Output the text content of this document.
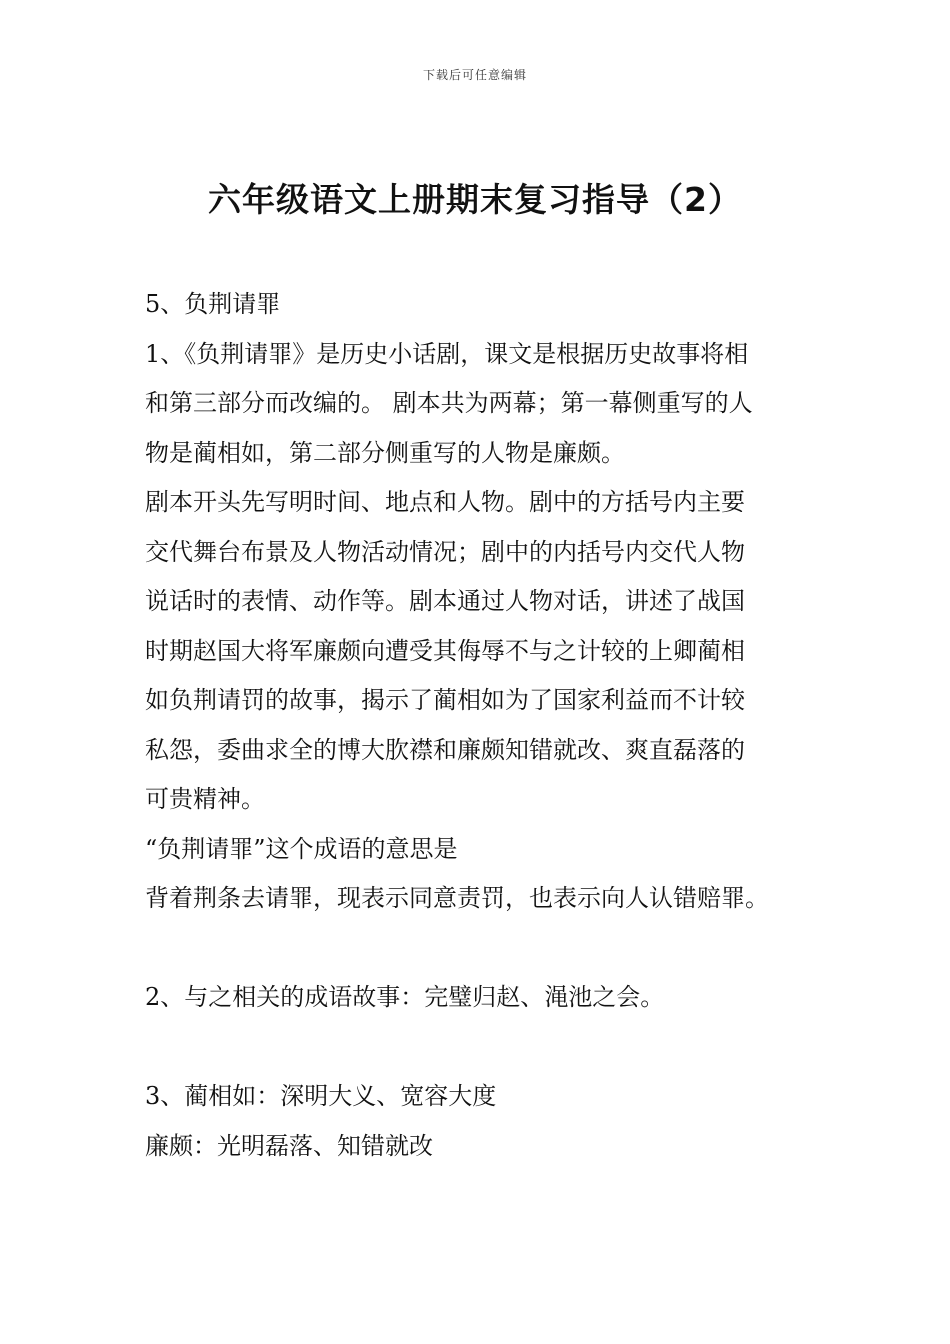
下载后可任意编辑
六年级语文上册期末复习指导（2）

5、负荆请罪

1、《负荆请罪》是历史小话剧，课文是根据历史故事将相

和第三部分而改编的。 剧本共为两幕；第一幕侧重写的人

物是蔺相如，第二部分侧重写的人物是廉颇。

剧本开头先写明时间、地点和人物。剧中的方括号内主要

交代舞台布景及人物活动情况；剧中的内括号内交代人物

说话时的表情、动作等。剧本通过人物对话，讲述了战国

时期赵国大将军廉颇向遭受其侮辱不与之计较的上卿蔺相

如负荆请罚的故事，揭示了蔺相如为了国家利益而不计较

私怨，委曲求全的博大肷襟和廉颇知错就改、爽直磊落的

可贵精神。

“负荆请罪”这个成语的意思是

背着荆条去请罪，现表示同意责罚，也表示向人认错赔罪。

2、与之相关的成语故事：完璧归赵、渑池之会。

3、蔺相如：深明大义、宽容大度

廉颇：光明磊落、知错就改
